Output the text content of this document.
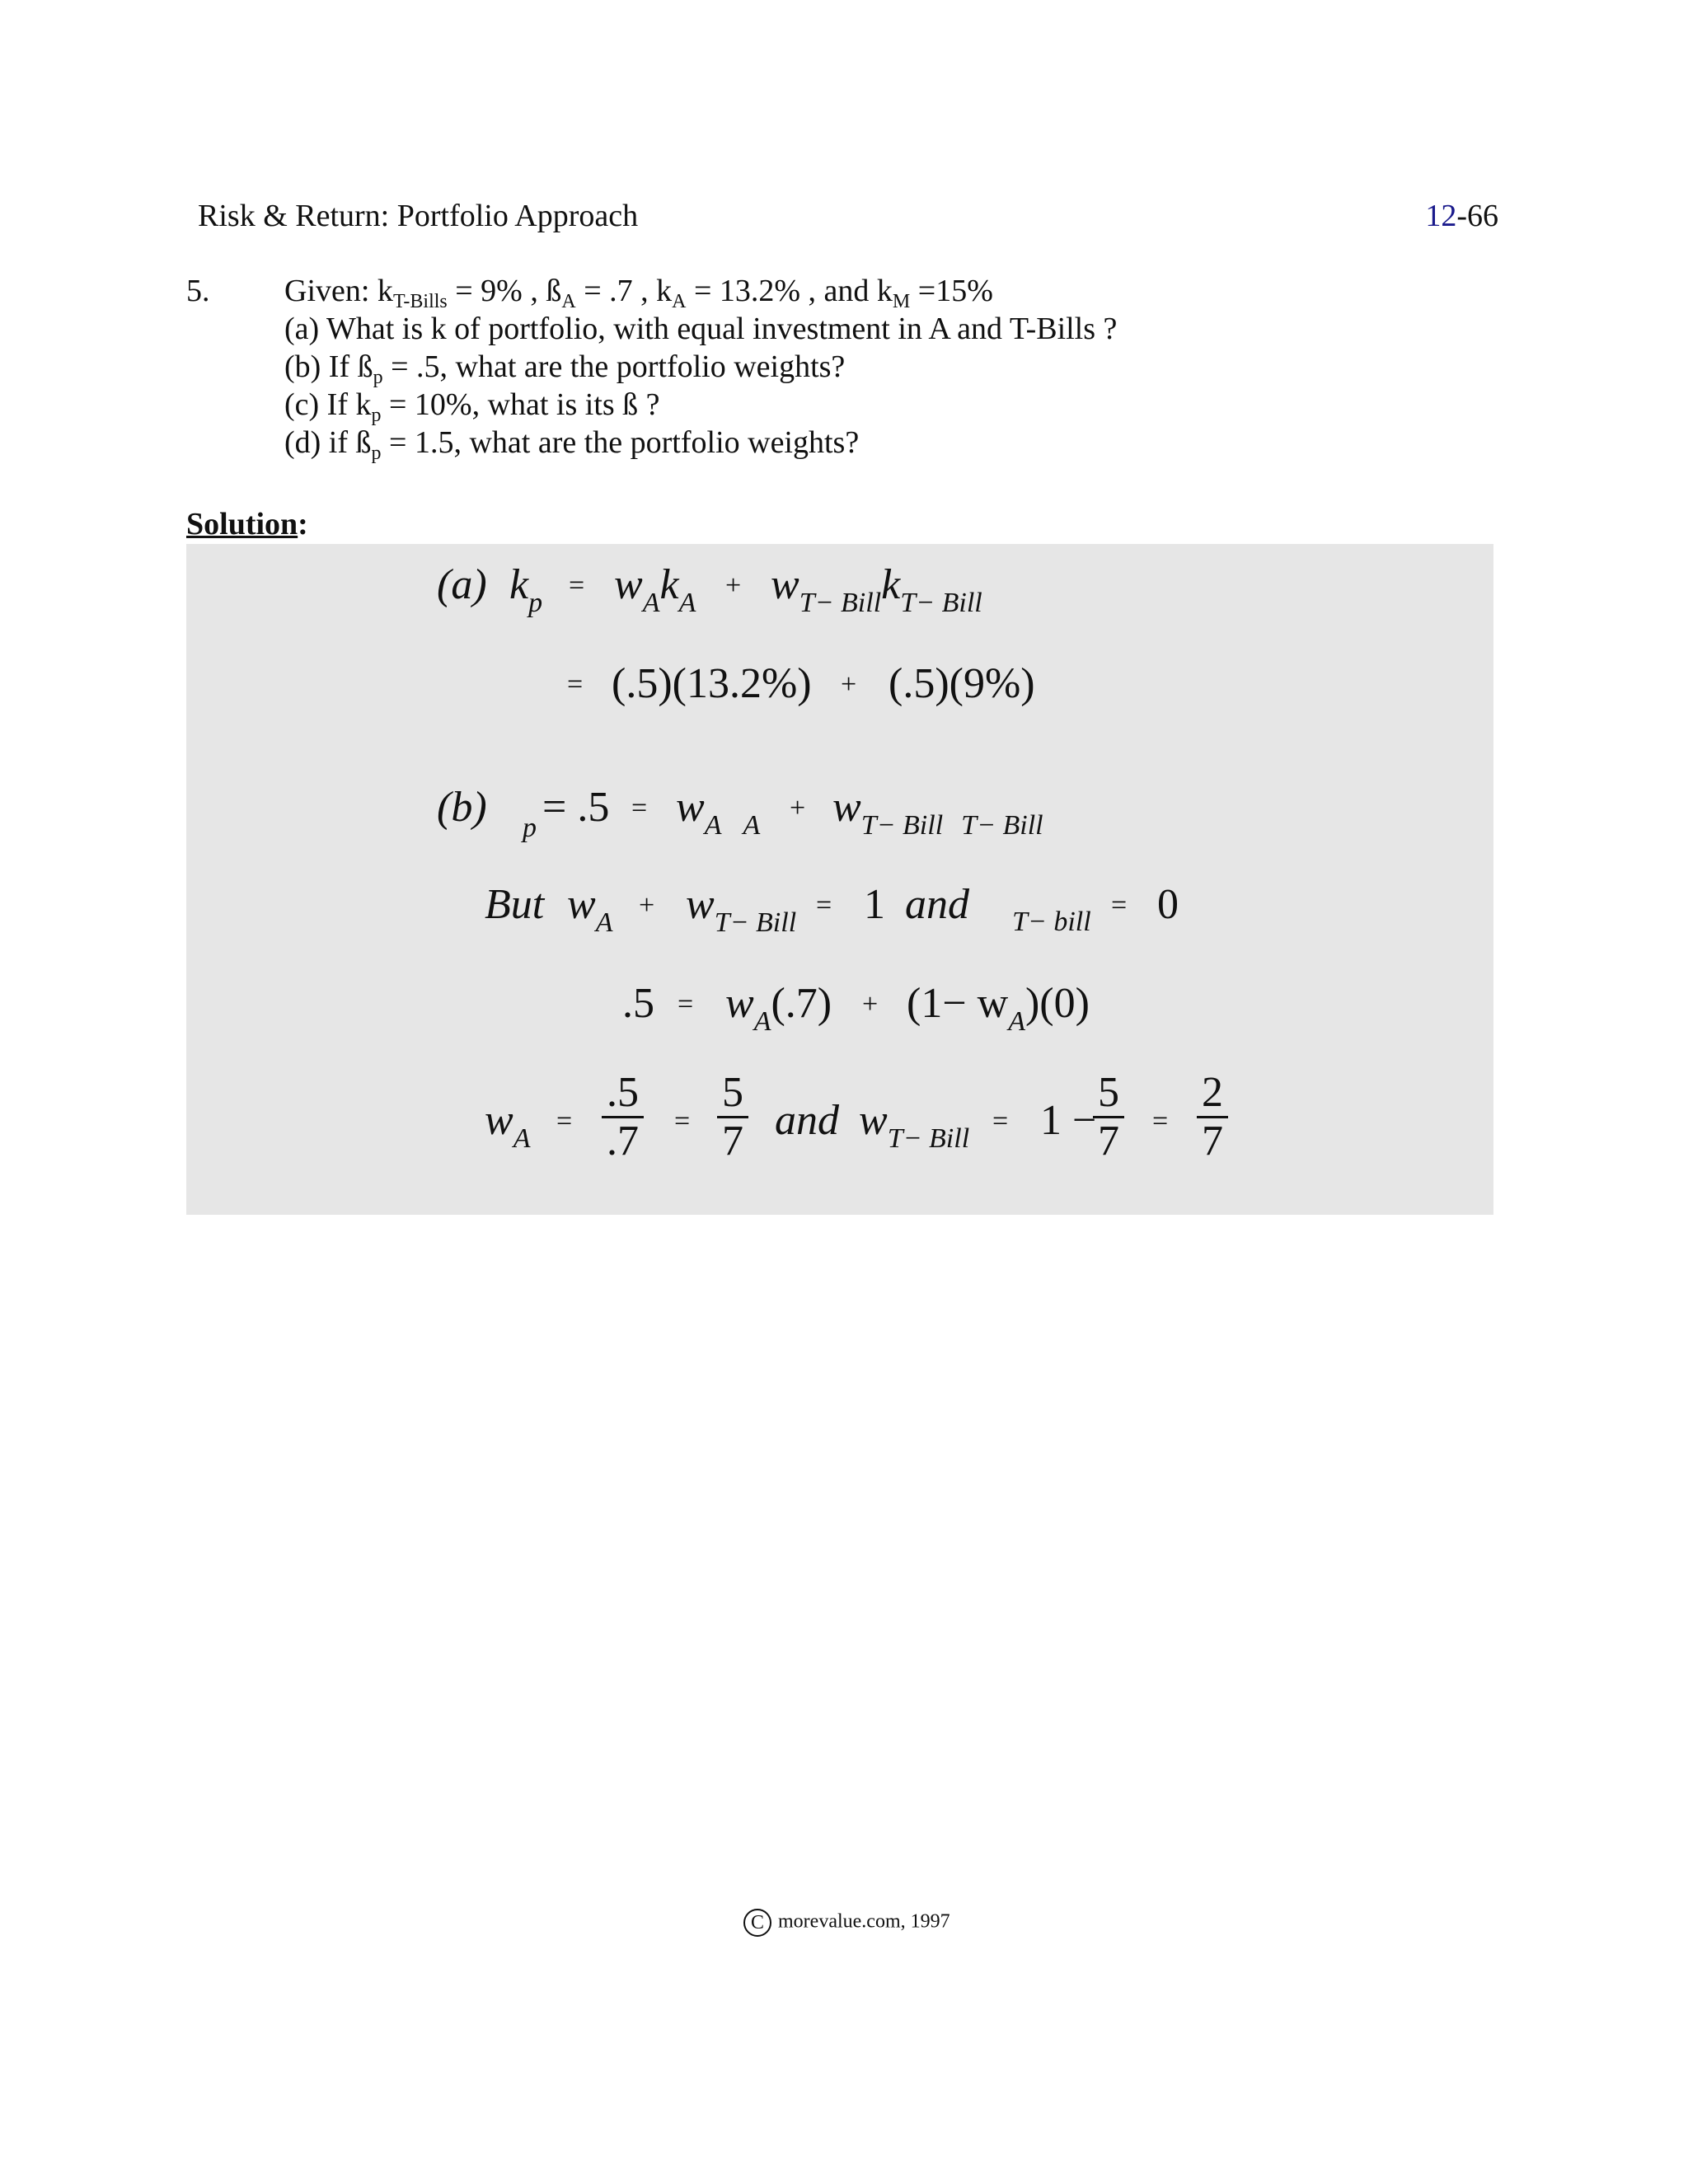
Risk & Return: Portfolio Approach	12-66
5. Given: $k_{T-Bills} = 9\%$ , $ß_A = .7$ , $k_A = 13.2\%$ , and $k_M =15\%$
(a) What is k of portfolio, with equal investment in A and T-Bills ?
(b) If $ß_p = .5$, what are the portfolio weights?
(c) If $k_p = 10\%$, what is its ß ?
(d) if $ß_p = 1.5$, what are the portfolio weights?
Solution:
(a) $k_p$
= $w_Ak_A$
+ $w_{T- Bill}k_{T- Bill}$
= (.5)(13.2%) + (.5)(9%)
(b) $p = .5 = w_A$ $_A$
+ $w_{T- Bill}$ $_{T- Bill}$
But $w_A$
+ $w_{T- Bill}$
= 1 and T− bill
= 0
$.5 = w_A(.7) + (1- w_A)(0)$
$w_A$
= $\frac{.5}{.7} = \frac{5}{7}$ and $w_{T- Bill}$
= 1 −
$\frac{5}{7} = \frac{2}{7}$
C morevalue.com, 1997
